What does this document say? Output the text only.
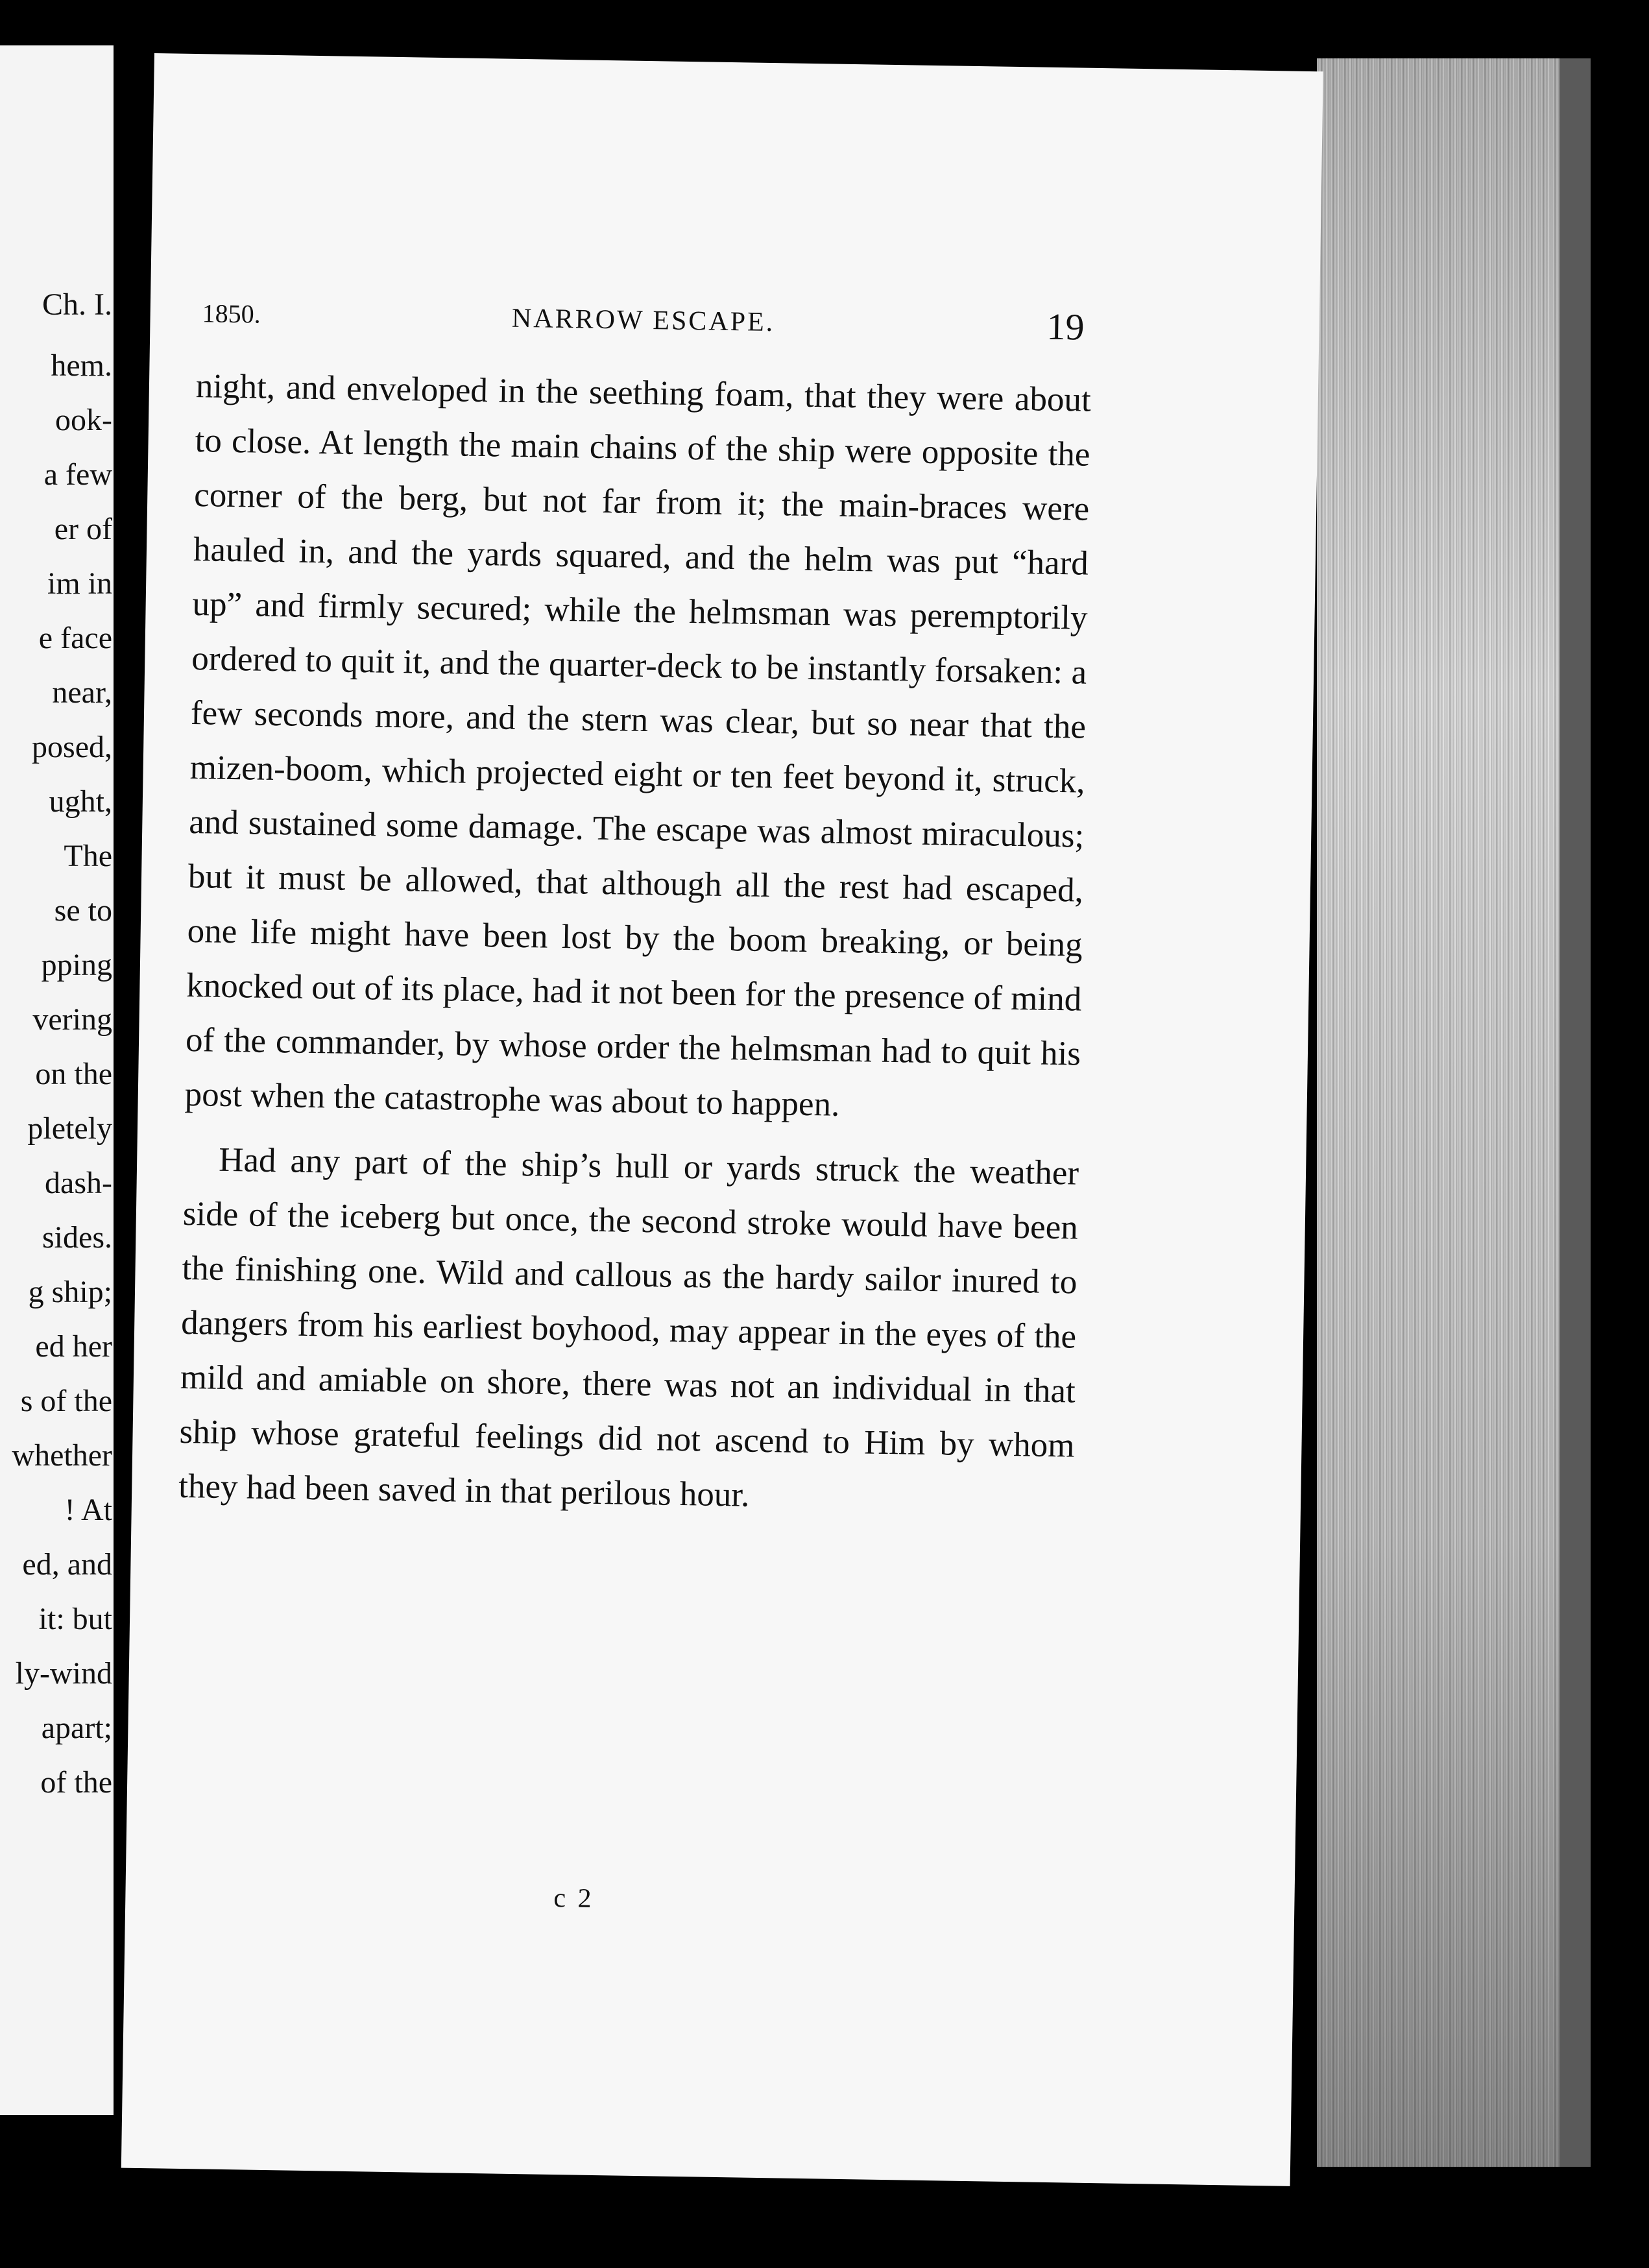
Ch. I.
hem.
ook-
a few
er of
im in
e face
near,
posed,
ught,
The
se to
pping
vering
on the
pletely
dash-
sides.
g ship;
ed her
s of the
whether
! At
ed, and
it: but
ly-wind
apart;
of the
1850.	NARROW ESCAPE.	19

night, and enveloped in the seething foam, that they were about to close. At length the main chains of the ship were opposite the corner of the berg, but not far from it; the main-braces were hauled in, and the yards squared, and the helm was put “hard up” and firmly secured; while the helmsman was peremptorily ordered to quit it, and the quarter-deck to be instantly forsaken: a few seconds more, and the stern was clear, but so near that the mizen-boom, which projected eight or ten feet beyond it, struck, and sustained some damage. The escape was almost miraculous; but it must be allowed, that although all the rest had escaped, one life might have been lost by the boom breaking, or being knocked out of its place, had it not been for the presence of mind of the commander, by whose order the helmsman had to quit his post when the catastrophe was about to happen.

Had any part of the ship’s hull or yards struck the weather side of the iceberg but once, the second stroke would have been the finishing one. Wild and callous as the hardy sailor inured to dangers from his earliest boyhood, may appear in the eyes of the mild and amiable on shore, there was not an individual in that ship whose grateful feelings did not ascend to Him by whom they had been saved in that perilous hour.

c 2
